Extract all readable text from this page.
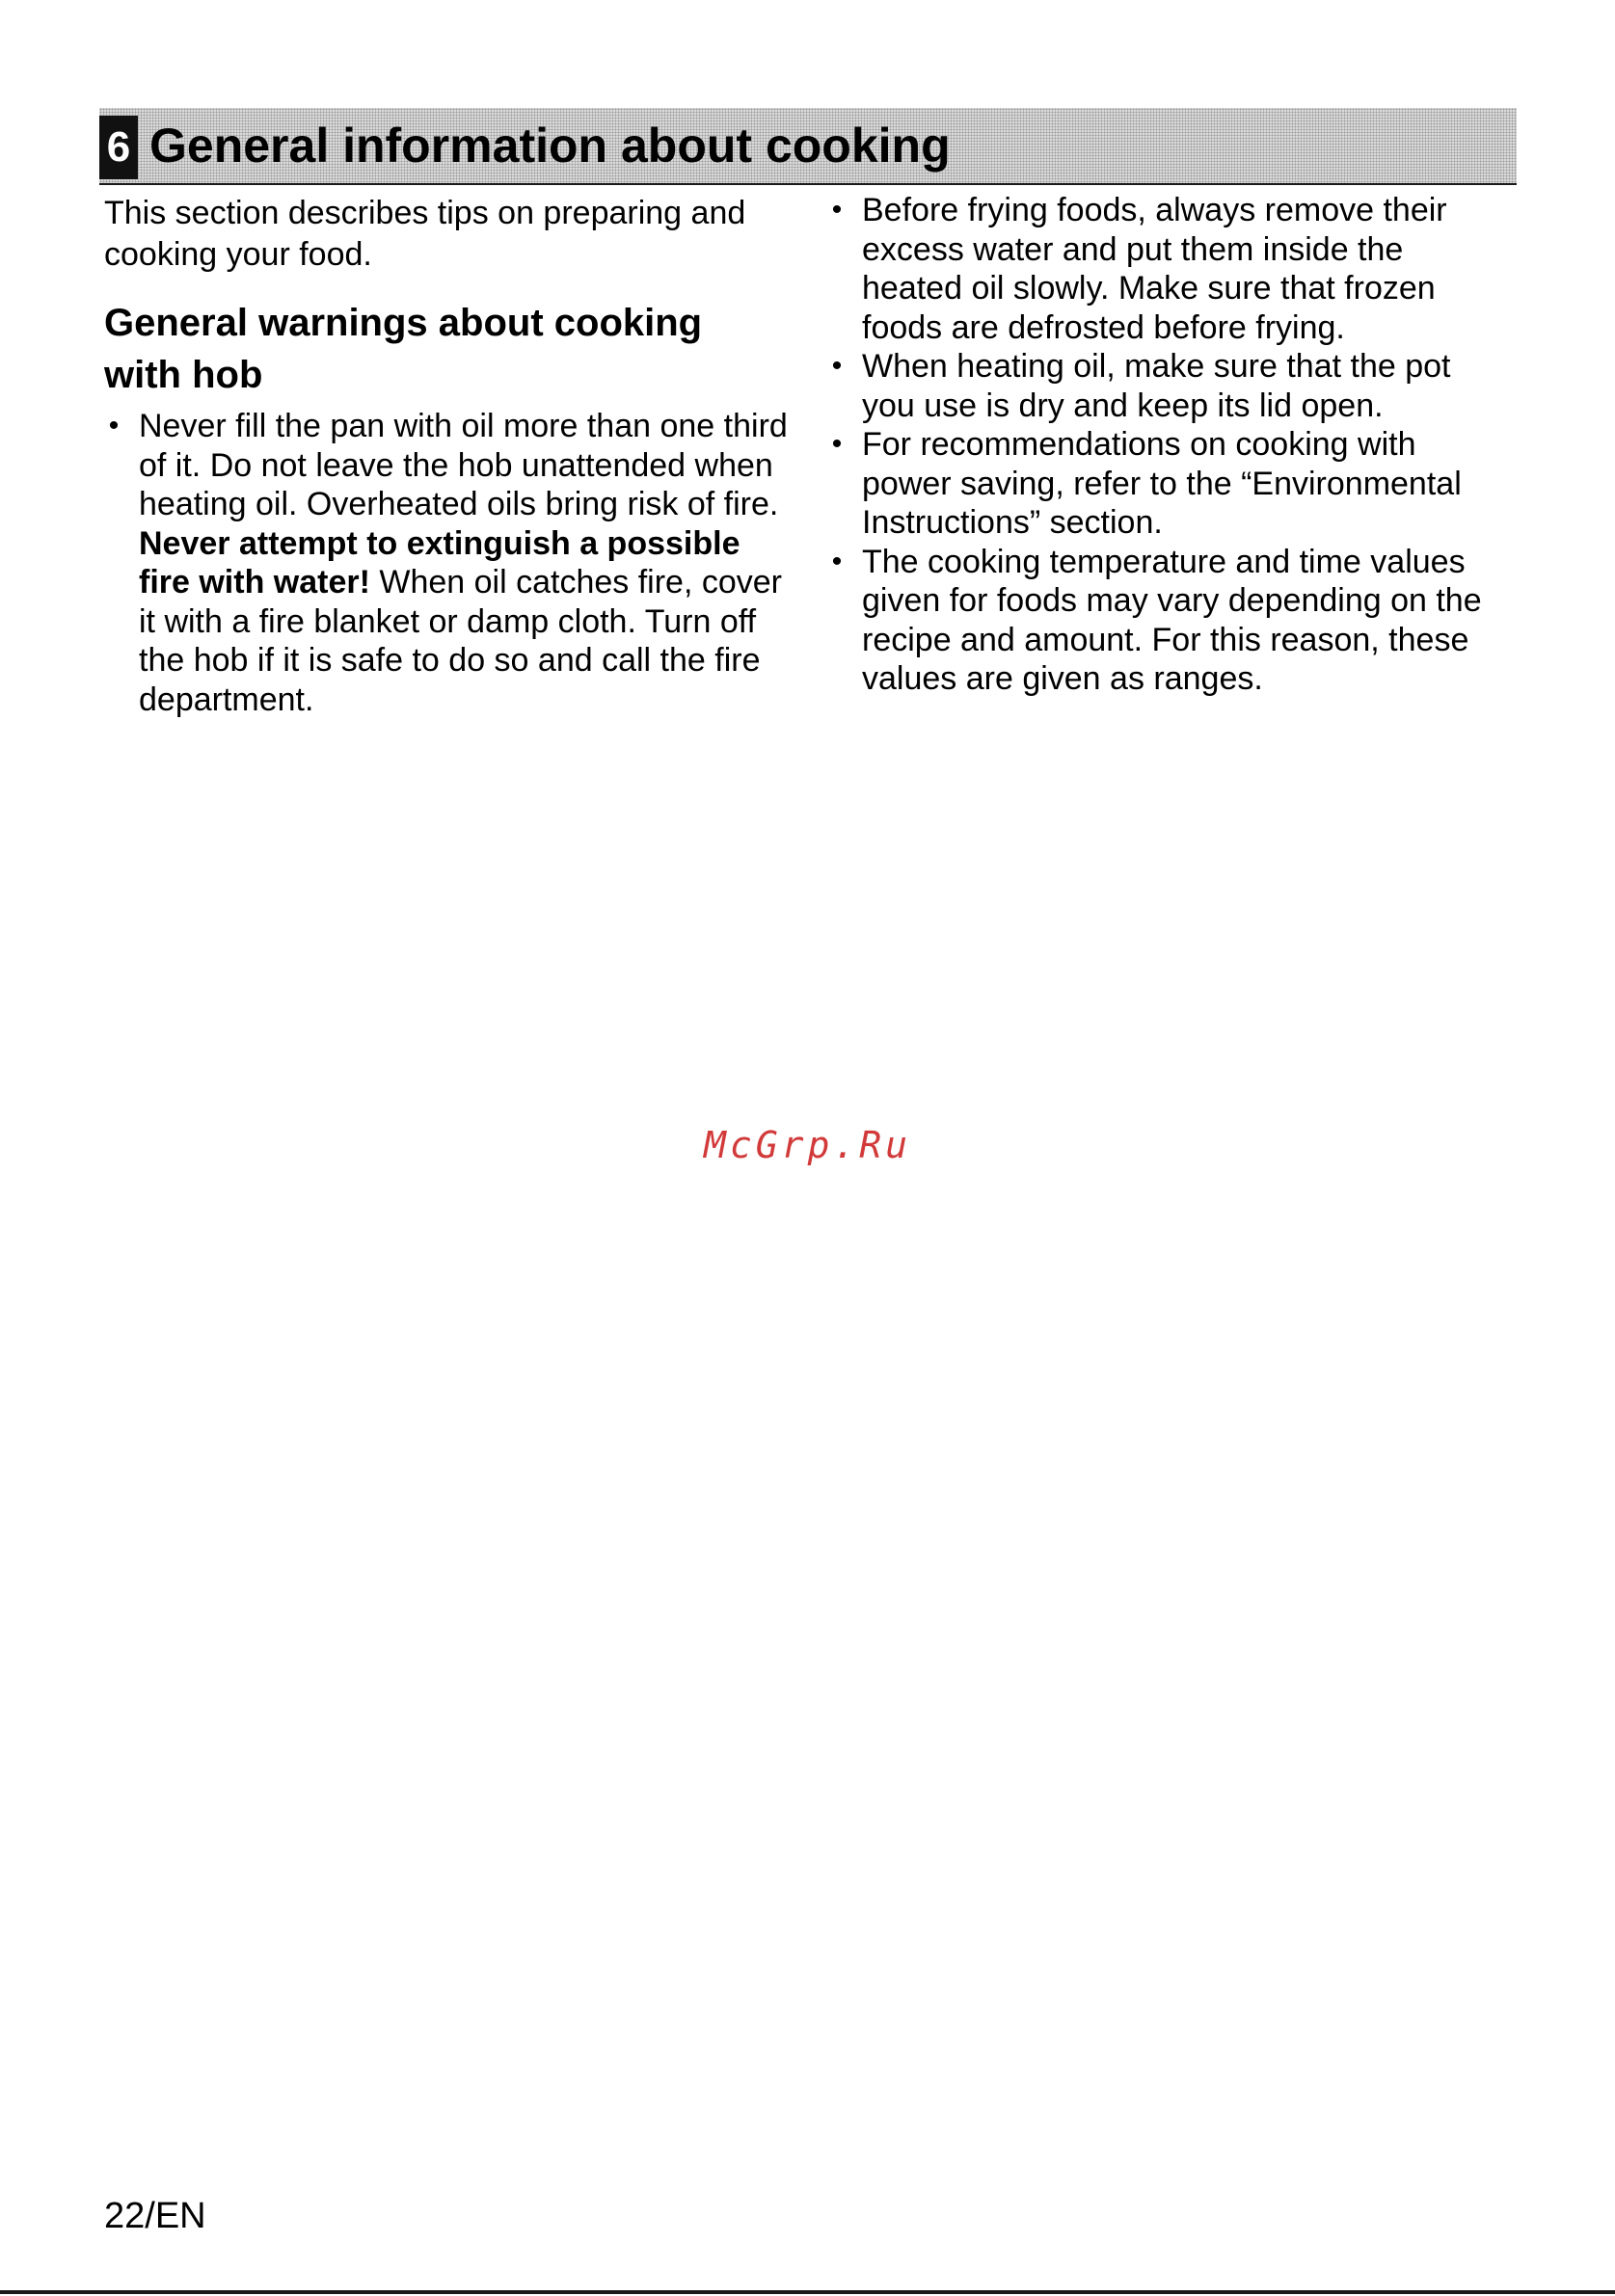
6 General information about cooking

This section describes tips on preparing and cooking your food.

General warnings about cooking with hob
• Never fill the pan with oil more than one third of it. Do not leave the hob unattended when heating oil. Overheated oils bring risk of fire. Never attempt to extinguish a possible fire with water! When oil catches fire, cover it with a fire blanket or damp cloth. Turn off the hob if it is safe to do so and call the fire department.
• Before frying foods, always remove their excess water and put them inside the heated oil slowly. Make sure that frozen foods are defrosted before frying.
• When heating oil, make sure that the pot you use is dry and keep its lid open.
• For recommendations on cooking with power saving, refer to the “Environmental Instructions” section.
• The cooking temperature and time values given for foods may vary depending on the recipe and amount. For this reason, these values are given as ranges.
McGrp.Ru
22/EN
